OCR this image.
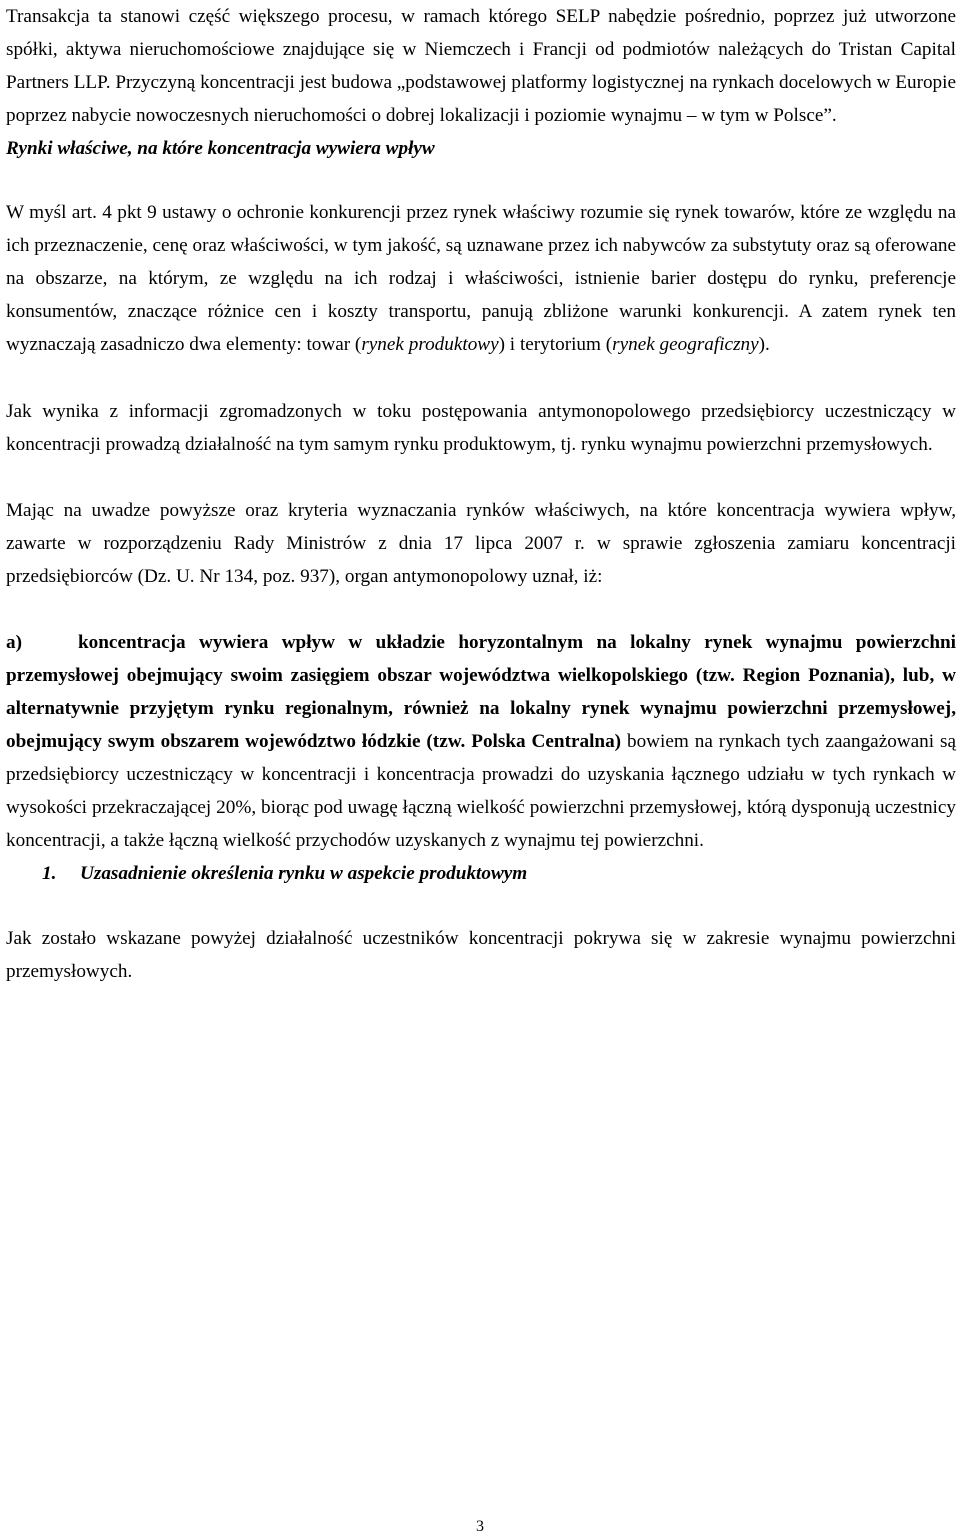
Transakcja ta stanowi część większego procesu, w ramach którego SELP nabędzie pośrednio, poprzez już utworzone spółki, aktywa nieruchomościowe znajdujące się w Niemczech i Francji od podmiotów należących do Tristan Capital Partners LLP. Przyczyną koncentracji jest budowa „podstawowej platformy logistycznej na rynkach docelowych w Europie poprzez nabycie nowoczesnych nieruchomości o dobrej lokalizacji i poziomie wynajmu – w tym w Polsce”.

Rynki właściwe, na które koncentracja wywiera wpływ

W myśl art. 4 pkt 9 ustawy o ochronie konkurencji przez rynek właściwy rozumie się rynek towarów, które ze względu na ich przeznaczenie, cenę oraz właściwości, w tym jakość, są uznawane przez ich nabywców za substytuty oraz są oferowane na obszarze, na którym, ze względu na ich rodzaj i właściwości, istnienie barier dostępu do rynku, preferencje konsumentów, znaczące różnice cen i koszty transportu, panują zbliżone warunki konkurencji. A zatem rynek ten wyznaczają zasadniczo dwa elementy: towar (rynek produktowy) i terytorium (rynek geograficzny).

Jak wynika z informacji zgromadzonych w toku postępowania antymonopolowego przedsiębiorcy uczestniczący w koncentracji prowadzą działalność na tym samym rynku produktowym, tj. rynku wynajmu powierzchni przemysłowych.

Mając na uwadze powyższe oraz kryteria wyznaczania rynków właściwych, na które koncentracja wywiera wpływ, zawarte w rozporządzeniu Rady Ministrów z dnia 17 lipca 2007 r. w sprawie zgłoszenia zamiaru koncentracji przedsiębiorców (Dz. U. Nr 134, poz. 937), organ antymonopolowy uznał, iż:

a)	koncentracja wywiera wpływ w układzie horyzontalnym na lokalny rynek wynajmu powierzchni przemysłowej obejmujący swoim zasięgiem obszar województwa wielkopolskiego (tzw. Region Poznania), lub, w alternatywnie przyjętym rynku regionalnym, również na lokalny rynek wynajmu powierzchni przemysłowej, obejmujący swym obszarem województwo łódzkie (tzw. Polska Centralna) bowiem na rynkach tych zaangażowani są przedsiębiorcy uczestniczący w koncentracji i koncentracja prowadzi do uzyskania łącznego udziału w tych rynkach w wysokości przekraczającej 20%, biorąc pod uwagę łączną wielkość powierzchni przemysłowej, którą dysponują uczestnicy koncentracji, a także łączną wielkość przychodów uzyskanych z wynajmu tej powierzchni.

1. Uzasadnienie określenia rynku w aspekcie produktowym

Jak zostało wskazane powyżej działalność uczestników koncentracji pokrywa się w zakresie wynajmu powierzchni przemysłowych.

3
